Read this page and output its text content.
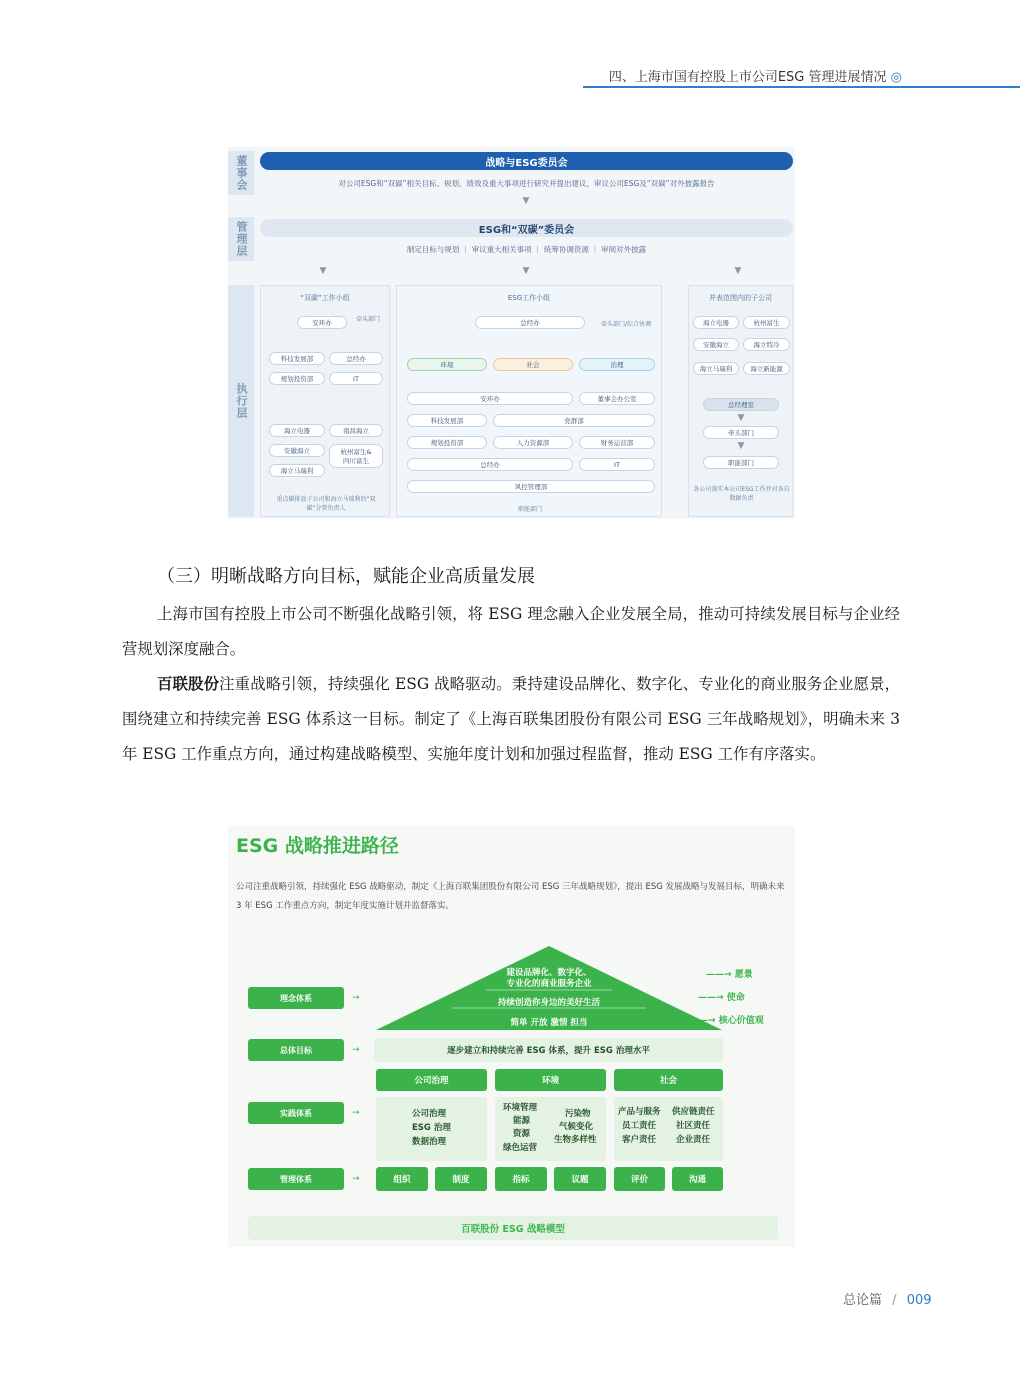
四、上海市国有控股上市公司ESG 管理进展情况 ◎
董事会
管理层
执行层
战略与ESG委员会
对公司ESG和“双碳”相关目标、规划、绩效及重大事项进行研究并提出建议，审议公司ESG及“双碳”对外披露报告
▼
ESG和“双碳”委员会
制定目标与规划 ｜ 审议重大相关事项 ｜ 统筹协调资源 ｜ 审阅对外披露
▼	▼	▼
“双碳”工作小组
安环办	牵头部门
科技发展部	总经办
规划投资部	IT
海立电器	南昌海立
安徽海立	杭州富生&
四川富生
海立马瑞利
重点碳排放子公司和海立马瑞利的“双碳”分管负责人
ESG工作小组
总经办	牵头部门/综合协调
环境	社会	治理
安环办	董事会办公室
科技发展部	党群部
规划投资部	人力资源部	财务运营部
总经办	IT
风控管理部
职能部门
并表范围内的子公司
海立电器	杭州富生
安徽海立	海立特冷
海立马瑞利	海立新能源
总经理室
▼
牵头部门
▼
职能部门
各公司落实本公司ESG工作并对各自数据负责
（三）明晰战略方向目标，赋能企业高质量发展

上海市国有控股上市公司不断强化战略引领，将 ESG 理念融入企业发展全局，推动可持续发展目标与企业经营规划深度融合。

百联股份注重战略引领，持续强化 ESG 战略驱动。秉持建设品牌化、数字化、专业化的商业服务企业愿景，围绕建立和持续完善 ESG 体系这一目标。制定了《上海百联集团股份有限公司 ESG 三年战略规划》，明确未来 3 年 ESG 工作重点方向，通过构建战略模型、实施年度计划和加强过程监督，推动 ESG 工作有序落实。

ESG 战略推进路径
公司注重战略引领，持续强化 ESG 战略驱动，制定《上海百联集团股份有限公司 ESG 三年战略规划》，提出 ESG 发展战略与发展目标，明确未来 3 年 ESG 工作重点方向，制定年度实施计划并监督落实。
建设品牌化、数字化、
专业化的商业服务企业
持续创造你身边的美好生活
简单 开放 激情 担当
——→ 愿景
——→ 使命
——→ 核心价值观
理念体系	→
总体目标	→
实践体系	→
管理体系	→
逐步建立和持续完善 ESG 体系，提升 ESG 治理水平
公司治理	环境	社会
公司治理
ESG 治理
数据治理
环境管理
能源
资源
绿色运营
污染物
气候变化
生物多样性
产品与服务
员工责任
客户责任
供应链责任
社区责任
企业责任
组织	制度	指标	议题	评价	沟通
百联股份 ESG 战略模型
总论篇 / 009
